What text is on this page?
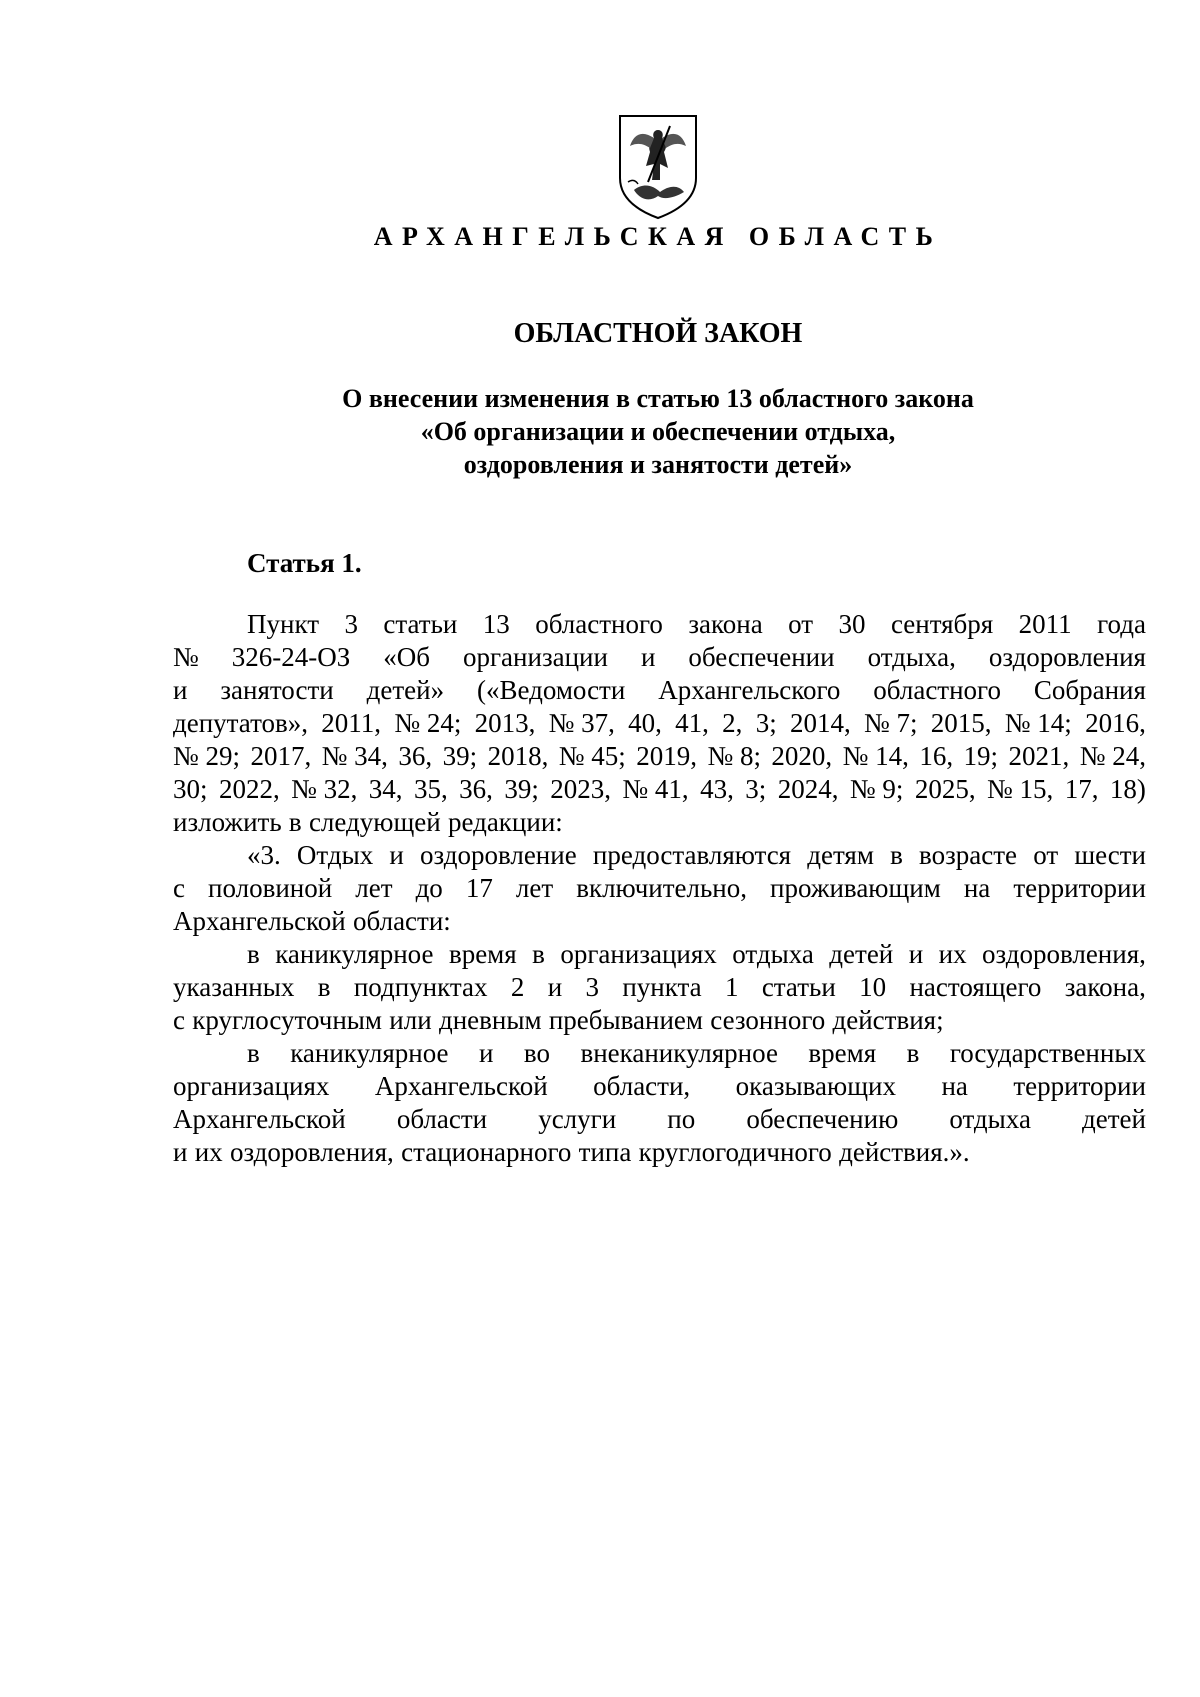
АРХАНГЕЛЬСКАЯ ОБЛАСТЬ
ОБЛАСТНОЙ ЗАКОН
О внесении изменения в статью 13 областного закона
«Об организации и обеспечении отдыха,
оздоровления и занятости детей»
Статья 1.
Пункт 3 статьи 13 областного закона от 30 сентября 2011 года
№ 326-24-ОЗ «Об организации и обеспечении отдыха, оздоровления
и занятости детей» («Ведомости Архангельского областного Собрания
депутатов», 2011, № 24; 2013, № 37, 40, 41, 2, 3; 2014, № 7; 2015, № 14; 2016,
№ 29; 2017, № 34, 36, 39; 2018, № 45; 2019, № 8; 2020, № 14, 16, 19; 2021, № 24,
30; 2022, № 32, 34, 35, 36, 39; 2023, № 41, 43, 3; 2024, № 9; 2025, № 15, 17, 18)
изложить в следующей редакции:
«3. Отдых и оздоровление предоставляются детям в возрасте от шести
с половиной лет до 17 лет включительно, проживающим на территории
Архангельской области:
в каникулярное время в организациях отдыха детей и их оздоровления,
указанных в подпунктах 2 и 3 пункта 1 статьи 10 настоящего закона,
с круглосуточным или дневным пребыванием сезонного действия;
в каникулярное и во внеканикулярное время в государственных
организациях Архангельской области, оказывающих на территории
Архангельской области услуги по обеспечению отдыха детей
и их оздоровления, стационарного типа круглогодичного действия.».
